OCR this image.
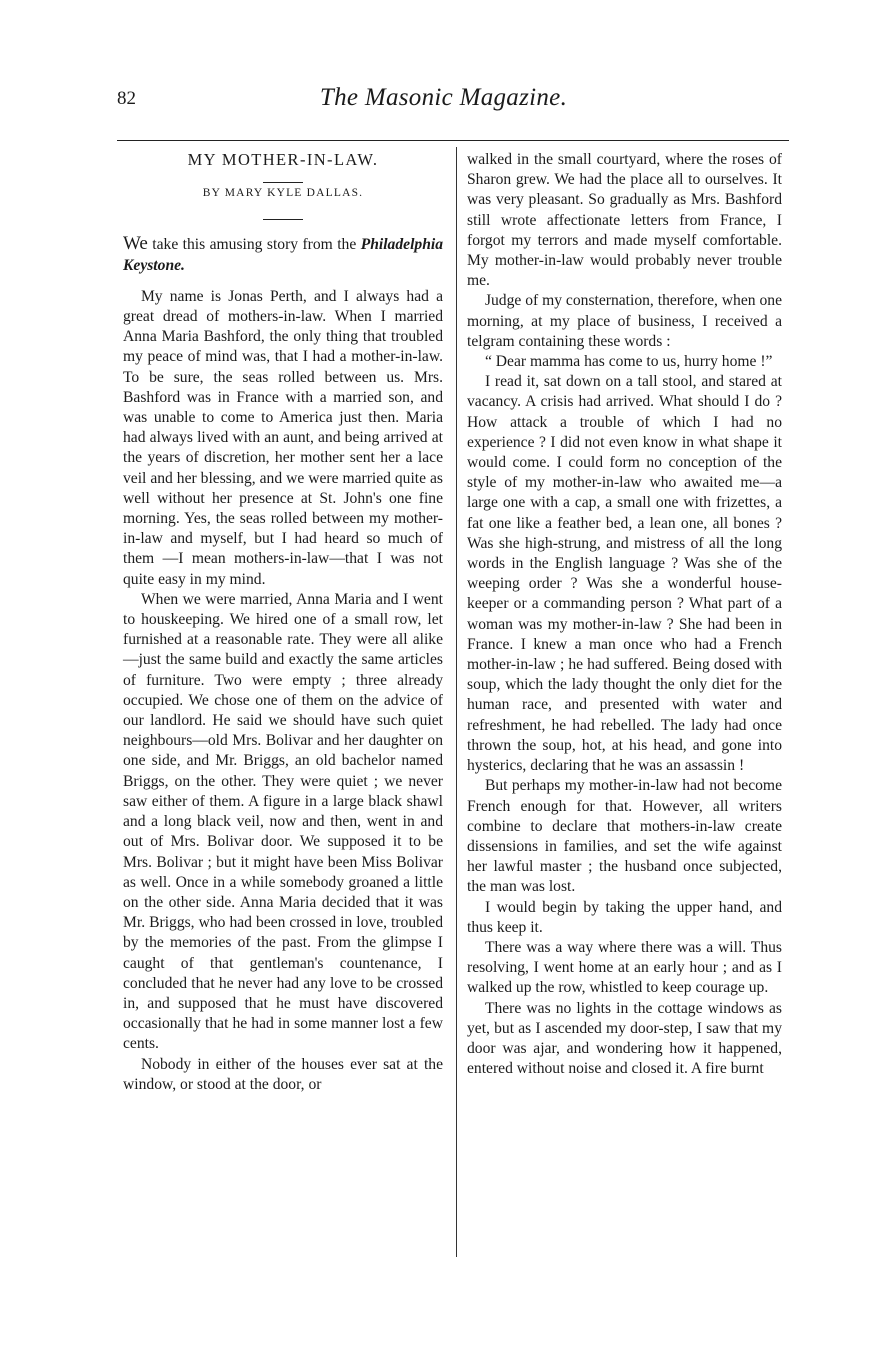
82	The Masonic Magazine.

MY MOTHER-IN-LAW.

BY MARY KYLE DALLAS.

We take this amusing story from the Philadelphia Keystone.

My name is Jonas Perth, and I always had a great dread of mothers-in-law. When I married Anna Maria Bashford, the only thing that troubled my peace of mind was, that I had a mother-in-law. To be sure, the seas rolled between us. Mrs. Bashford was in France with a married son, and was unable to come to America just then. Maria had always lived with an aunt, and being arrived at the years of discretion, her mother sent her a lace veil and her blessing, and we were married quite as well without her presence at St. John's one fine morning. Yes, the seas rolled between my mother-in-law and myself, but I had heard so much of them —I mean mothers-in-law—that I was not quite easy in my mind.

When we were married, Anna Maria and I went to houskeeping. We hired one of a small row, let furnished at a reasonable rate. They were all alike—just the same build and exactly the same articles of furniture. Two were empty ; three already occupied. We chose one of them on the advice of our landlord. He said we should have such quiet neighbours—old Mrs. Bolivar and her daughter on one side, and Mr. Briggs, an old bachelor named Briggs, on the other. They were quiet ; we never saw either of them. A figure in a large black shawl and a long black veil, now and then, went in and out of Mrs. Bolivar door. We supposed it to be Mrs. Bolivar ; but it might have been Miss Bolivar as well. Once in a while somebody groaned a little on the other side. Anna Maria decided that it was Mr. Briggs, who had been crossed in love, troubled by the memories of the past. From the glimpse I caught of that gentleman's countenance, I concluded that he never had any love to be crossed in, and supposed that he must have discovered occasionally that he had in some manner lost a few cents.

Nobody in either of the houses ever sat at the window, or stood at the door, or

walked in the small courtyard, where the roses of Sharon grew. We had the place all to ourselves. It was very pleasant. So gradually as Mrs. Bashford still wrote affectionate letters from France, I forgot my terrors and made myself comfortable. My mother-in-law would probably never trouble me.

Judge of my consternation, therefore, when one morning, at my place of business, I received a telgram containing these words :

“ Dear mamma has come to us, hurry home !”

I read it, sat down on a tall stool, and stared at vacancy. A crisis had arrived. What should I do ? How attack a trouble of which I had no experience ? I did not even know in what shape it would come. I could form no conception of the style of my mother-in-law who awaited me—a large one with a cap, a small one with frizettes, a fat one like a feather bed, a lean one, all bones ? Was she high-strung, and mistress of all the long words in the English language ? Was she of the weeping order ? Was she a wonderful house-keeper or a commanding person ? What part of a woman was my mother-in-law ? She had been in France. I knew a man once who had a French mother-in-law ; he had suffered. Being dosed with soup, which the lady thought the only diet for the human race, and presented with water and refreshment, he had rebelled. The lady had once thrown the soup, hot, at his head, and gone into hysterics, declaring that he was an assassin !

But perhaps my mother-in-law had not become French enough for that. However, all writers combine to declare that mothers-in-law create dissensions in families, and set the wife against her lawful master ; the husband once subjected, the man was lost.

I would begin by taking the upper hand, and thus keep it.

There was a way where there was a will. Thus resolving, I went home at an early hour ; and as I walked up the row, whistled to keep courage up.

There was no lights in the cottage windows as yet, but as I ascended my door-step, I saw that my door was ajar, and wondering how it happened, entered without noise and closed it. A fire burnt
